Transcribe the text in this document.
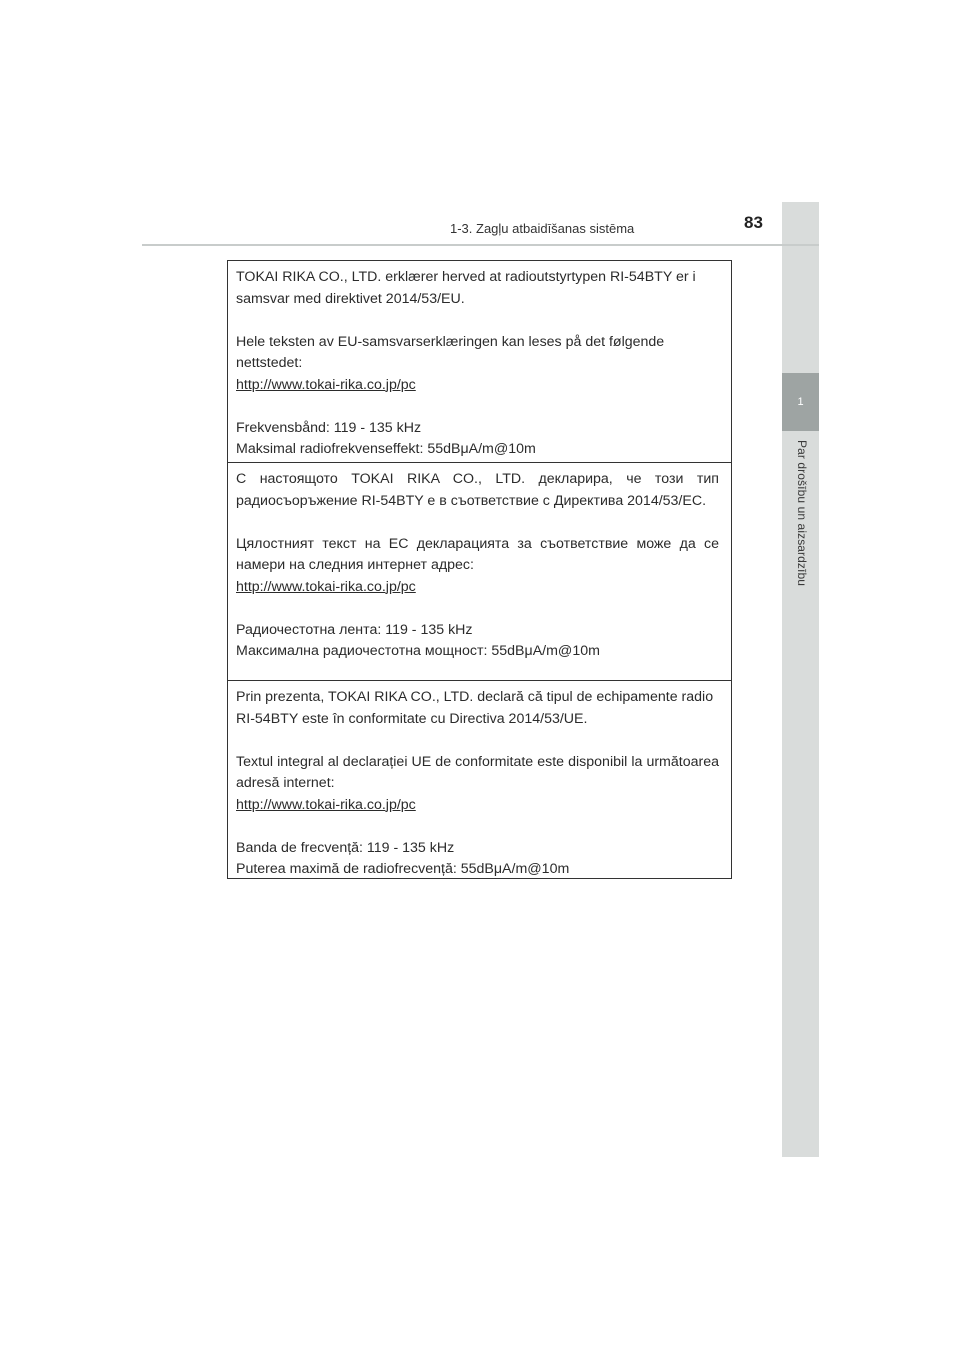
1
Par drošību un aizsardzību
1-3. Zagļu atbaidīšanas sistēma	83

TOKAI RIKA CO., LTD. erklærer herved at radioutstyrtypen RI-54BTY er i samsvar med direktivet 2014/53/EU.

Hele teksten av EU-samsvarserklæringen kan leses på det følgende nettstedet:

http://www.tokai-rika.co.jp/pc

Frekvensbånd: 119 - 135 kHz

Maksimal radiofrekvenseffekt: 55dBμA/m@10m

С настоящото TOKAI RIKA CO., LTD. декларира, че този тип радиосъоръжение RI-54BTY е в съответствие с Директива 2014/53/ЕС.

Цялостният текст на ЕС декларацията за съответствие може да се намери на следния интернет адрес:

http://www.tokai-rika.co.jp/pc

Радиочестотна лента: 119 - 135 kHz

Максимална радиочестотна мощност: 55dBμA/m@10m

Prin prezenta, TOKAI RIKA CO., LTD. declară că tipul de echipamente radio RI-54BTY este în conformitate cu Directiva 2014/53/UE.

Textul integral al declarației UE de conformitate este disponibil la următoarea adresă internet:

http://www.tokai-rika.co.jp/pc

Banda de frecvență: 119 - 135 kHz

Puterea maximă de radiofrecvență: 55dBμA/m@10m
